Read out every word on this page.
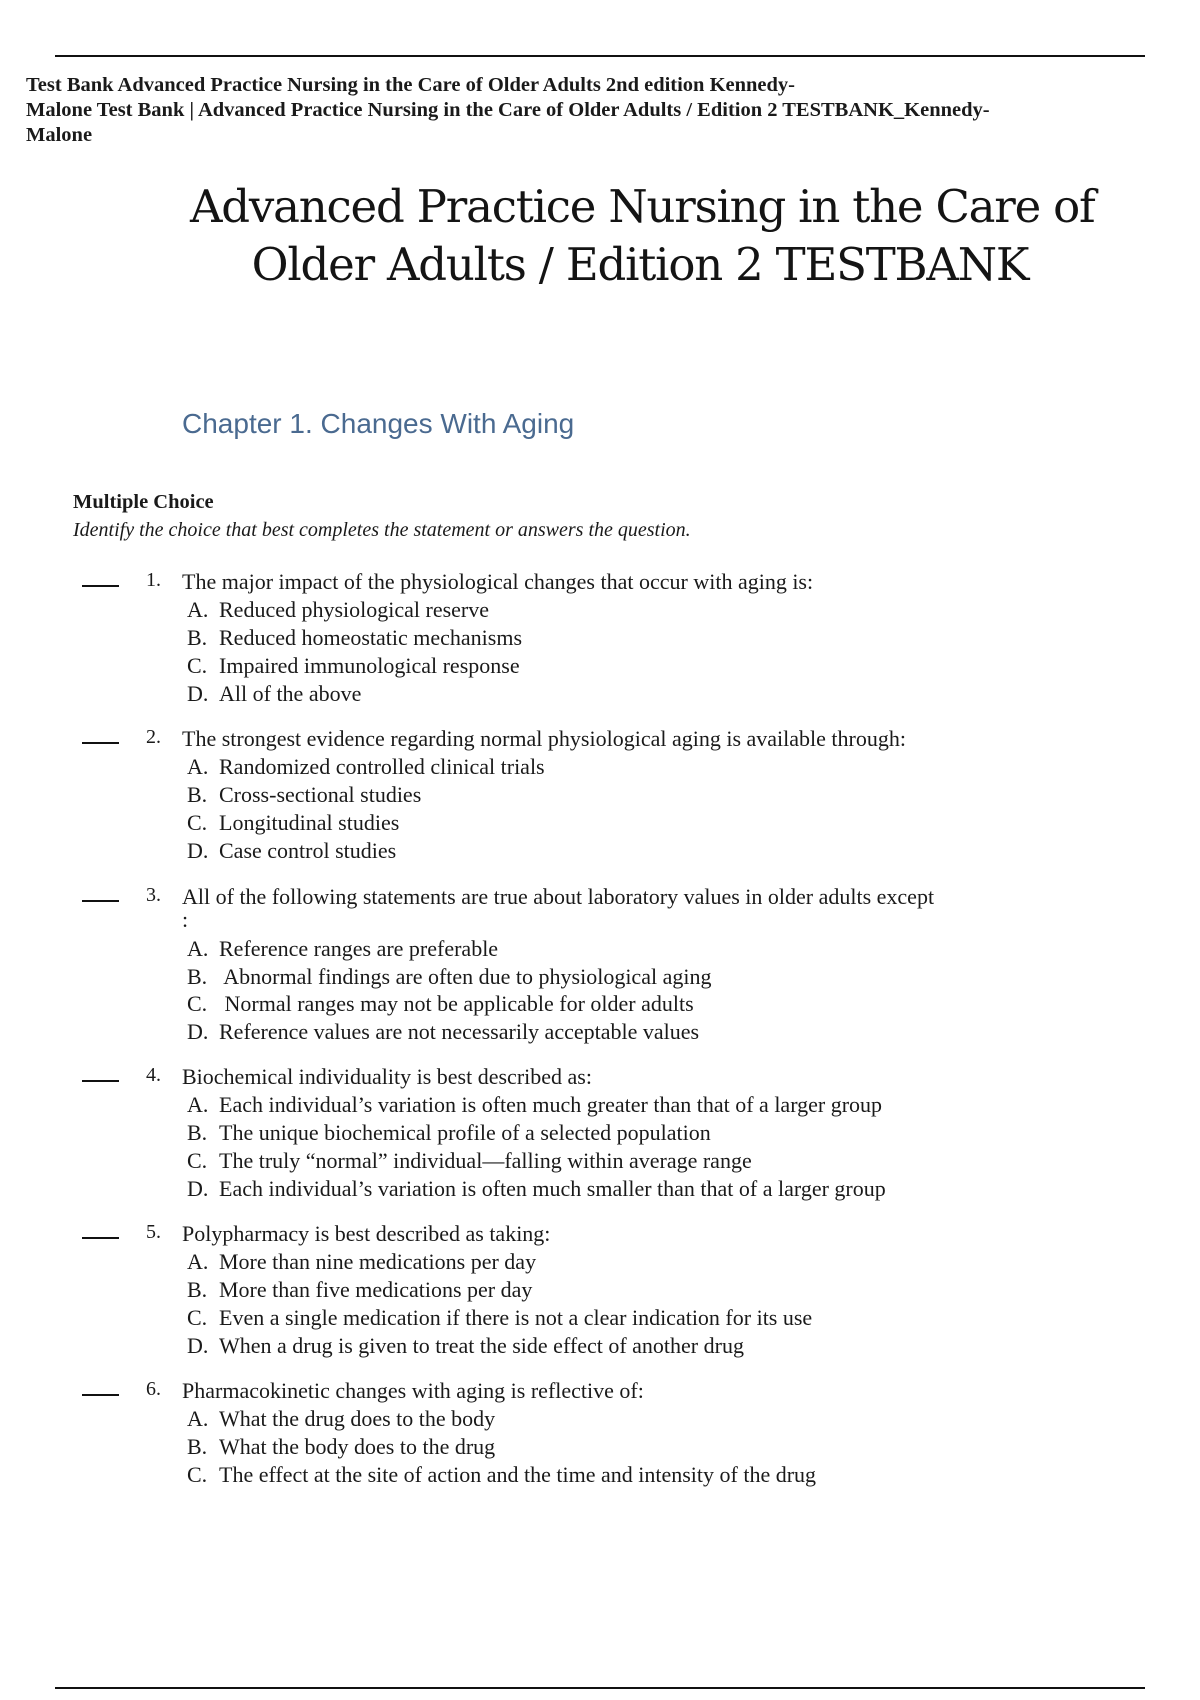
Test Bank Advanced Practice Nursing in the Care of Older Adults 2nd edition Kennedy-
Malone Test Bank | Advanced Practice Nursing in the Care of Older Adults / Edition 2 TESTBANK_Kennedy-
Malone
Advanced Practice Nursing in the Care of
Older Adults / Edition 2 TESTBANK
Chapter 1. Changes With Aging
Multiple Choice
Identify the choice that best completes the statement or answers the question.
1. The major impact of the physiological changes that occur with aging is:
A. Reduced physiological reserve
B. Reduced homeostatic mechanisms
C. Impaired immunological response
D. All of the above
2. The strongest evidence regarding normal physiological aging is available through:
A. Randomized controlled clinical trials
B. Cross-sectional studies
C. Longitudinal studies
D. Case control studies
3. All of the following statements are true about laboratory values in older adults except
:
A. Reference ranges are preferable
B. Abnormal findings are often due to physiological aging
C. Normal ranges may not be applicable for older adults
D. Reference values are not necessarily acceptable values
4. Biochemical individuality is best described as:
A. Each individual’s variation is often much greater than that of a larger group
B. The unique biochemical profile of a selected population
C. The truly “normal” individual—falling within average range
D. Each individual’s variation is often much smaller than that of a larger group
5. Polypharmacy is best described as taking:
A. More than nine medications per day
B. More than five medications per day
C. Even a single medication if there is not a clear indication for its use
D. When a drug is given to treat the side effect of another drug
6. Pharmacokinetic changes with aging is reflective of:
A. What the drug does to the body
B. What the body does to the drug
C. The effect at the site of action and the time and intensity of the drug
